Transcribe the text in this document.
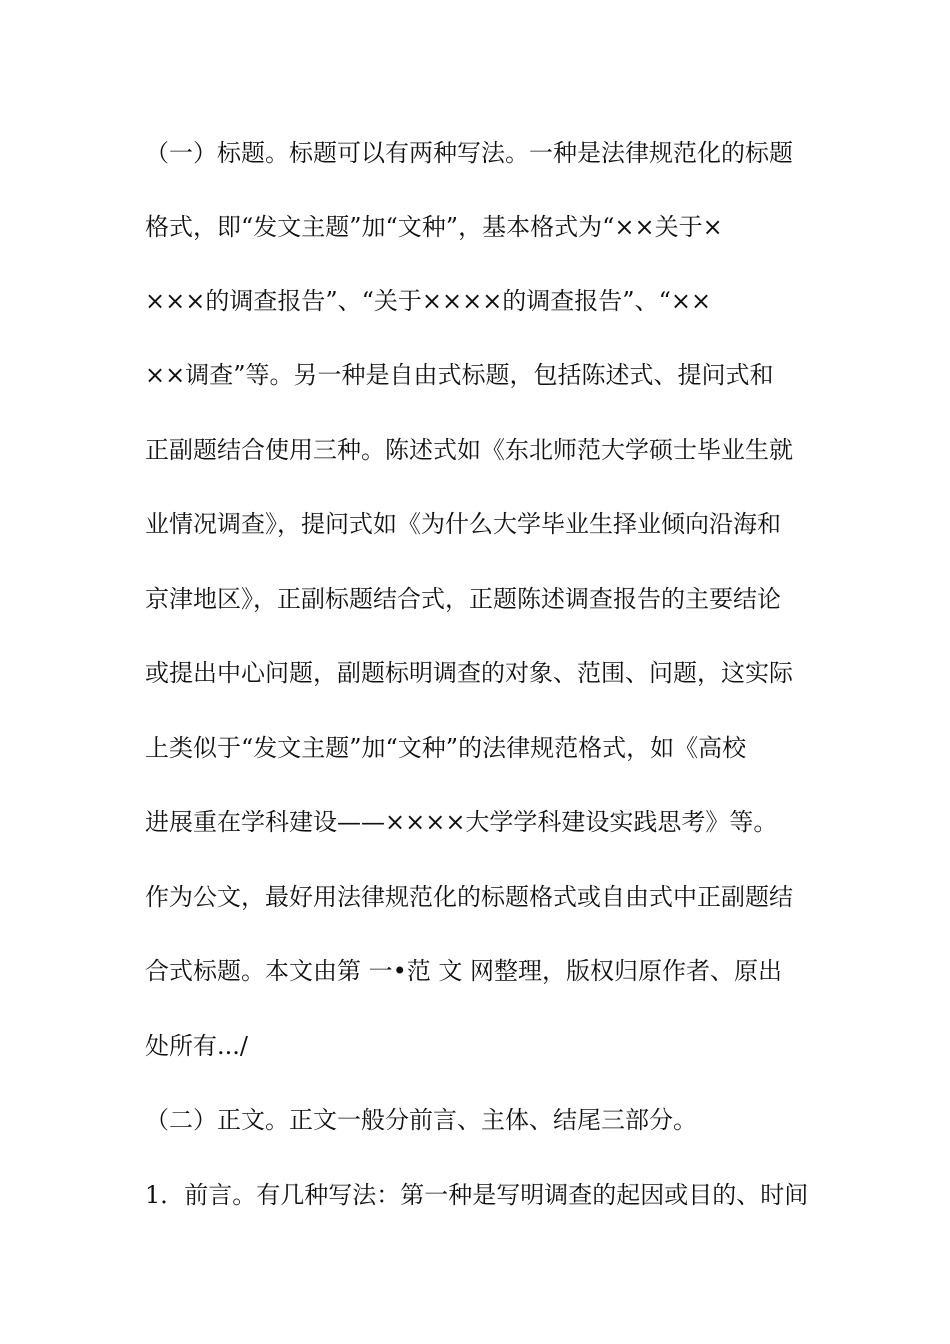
（一）标题。标题可以有两种写法。一种是法律规范化的标题
格式，即“发文主题”加“文种”，基本格式为“××关于×
×××的调查报告”、“关于××××的调查报告”、“××
××调查”等。另一种是自由式标题，包括陈述式、提问式和
正副题结合使用三种。陈述式如《东北师范大学硕士毕业生就
业情况调查》，提问式如《为什么大学毕业生择业倾向沿海和
京津地区》，正副标题结合式，正题陈述调查报告的主要结论
或提出中心问题，副题标明调查的对象、范围、问题，这实际
上类似于“发文主题”加“文种”的法律规范格式，如《高校
进展重在学科建设——××××大学学科建设实践思考》等。
作为公文，最好用法律规范化的标题格式或自由式中正副题结
合式标题。本文由第 一•范 文 网整理，版权归原作者、原出
处所有.../
（二）正文。正文一般分前言、主体、结尾三部分。
1．前言。有几种写法：第一种是写明调查的起因或目的、时间
